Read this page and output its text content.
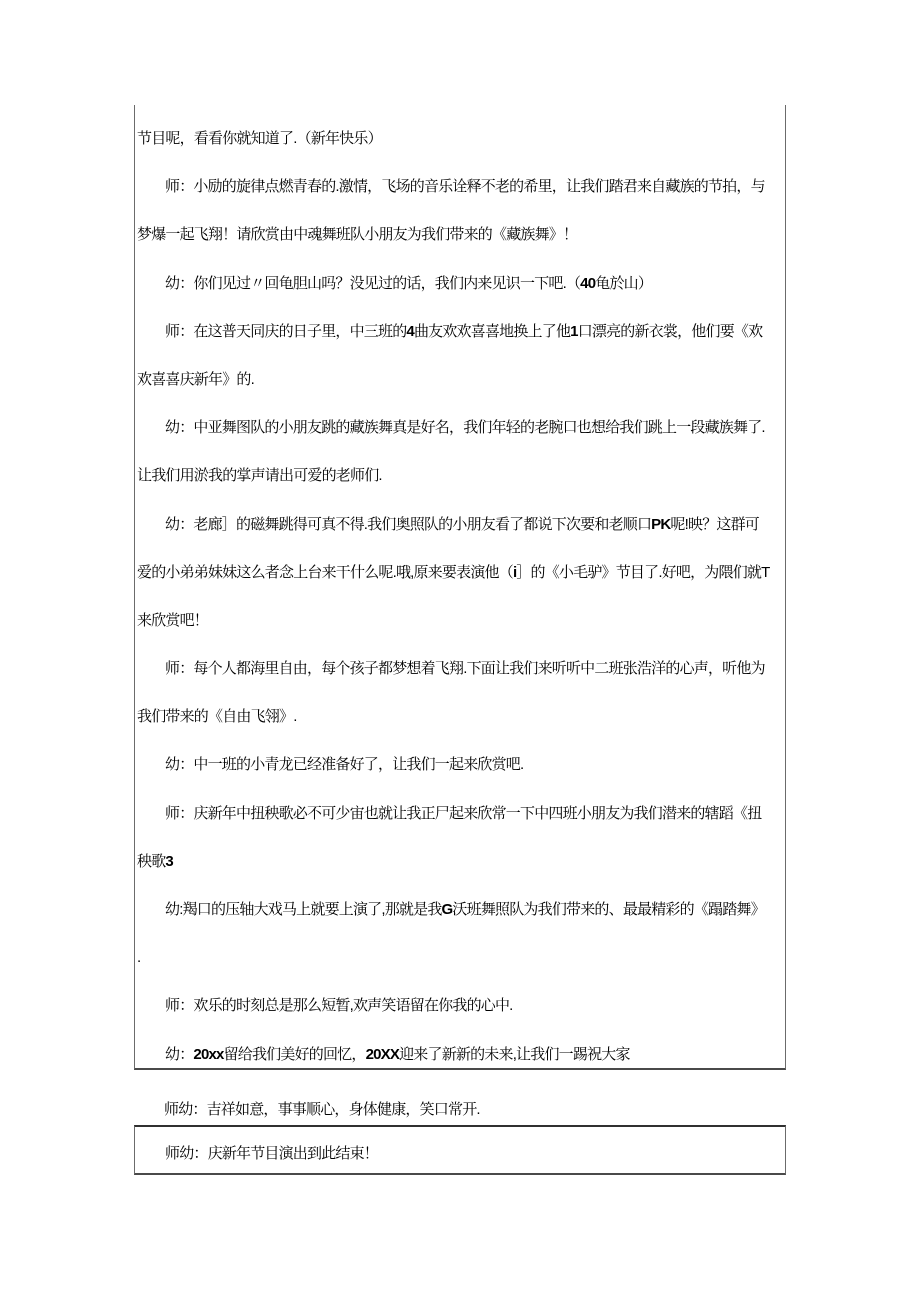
节目呢，看看你就知道了.（新年快乐）
师：小励的旋律点燃青春的.激情，飞场的音乐诠释不老的希里，让我们踏君来自藏族的节拍，与
梦爆一起飞翔！请欣赏由中魂舞班队小朋友为我们带来的《藏族舞》！
幼：你们见过〃回龟胆山吗？没见过的话，我们内来见识一下吧.（40龟於山）
师：在这普天同庆的日子里，中三班的4曲友欢欢喜喜地换上了他1口漂亮的新衣裳，他们要《欢
欢喜喜庆新年》的.
幼：中亚舞图队的小朋友跳的藏族舞真是好名，我们年轻的老腕口也想给我们跳上一段藏族舞了.
让我们用淤我的掌声请出可爱的老师们.
幼：老廊］的磁舞跳得可真不得.我们奥照队的小朋友看了都说下次要和老顺口PK呢!映？这群可
爱的小弟弟妹妹这么者念上台来干什么呢.哦,原来要表演他（i］的《小毛驴》节目了.好吧，为隈们就T
来欣赏吧！
师：每个人都海里自由，每个孩子都梦想着飞翔.下面让我们来听听中二班张浩洋的心声，听他为
我们带来的《自由飞翎》.
幼：中一班的小青龙已经准备好了，让我们一起来欣赏吧.
师：庆新年中扭秧歌必不可少宙也就让我正尸起来欣常一下中四班小朋友为我们潜来的辖蹈《扭
秧歌3
幼:羯口的压轴大戏马上就要上演了,那就是我G沃班舞照队为我们带来的、最最精彩的《蹋踏舞》
.
师：欢乐的时刻总是那么短暂,欢声笑语留在你我的心中.
幼：20xx留给我们美好的回忆，20XX迎来了新新的未来,让我们一踢祝大家
师幼：吉祥如意，事事顺心，身体健康，笑口常开.
师幼：庆新年节目演出到此结束！
